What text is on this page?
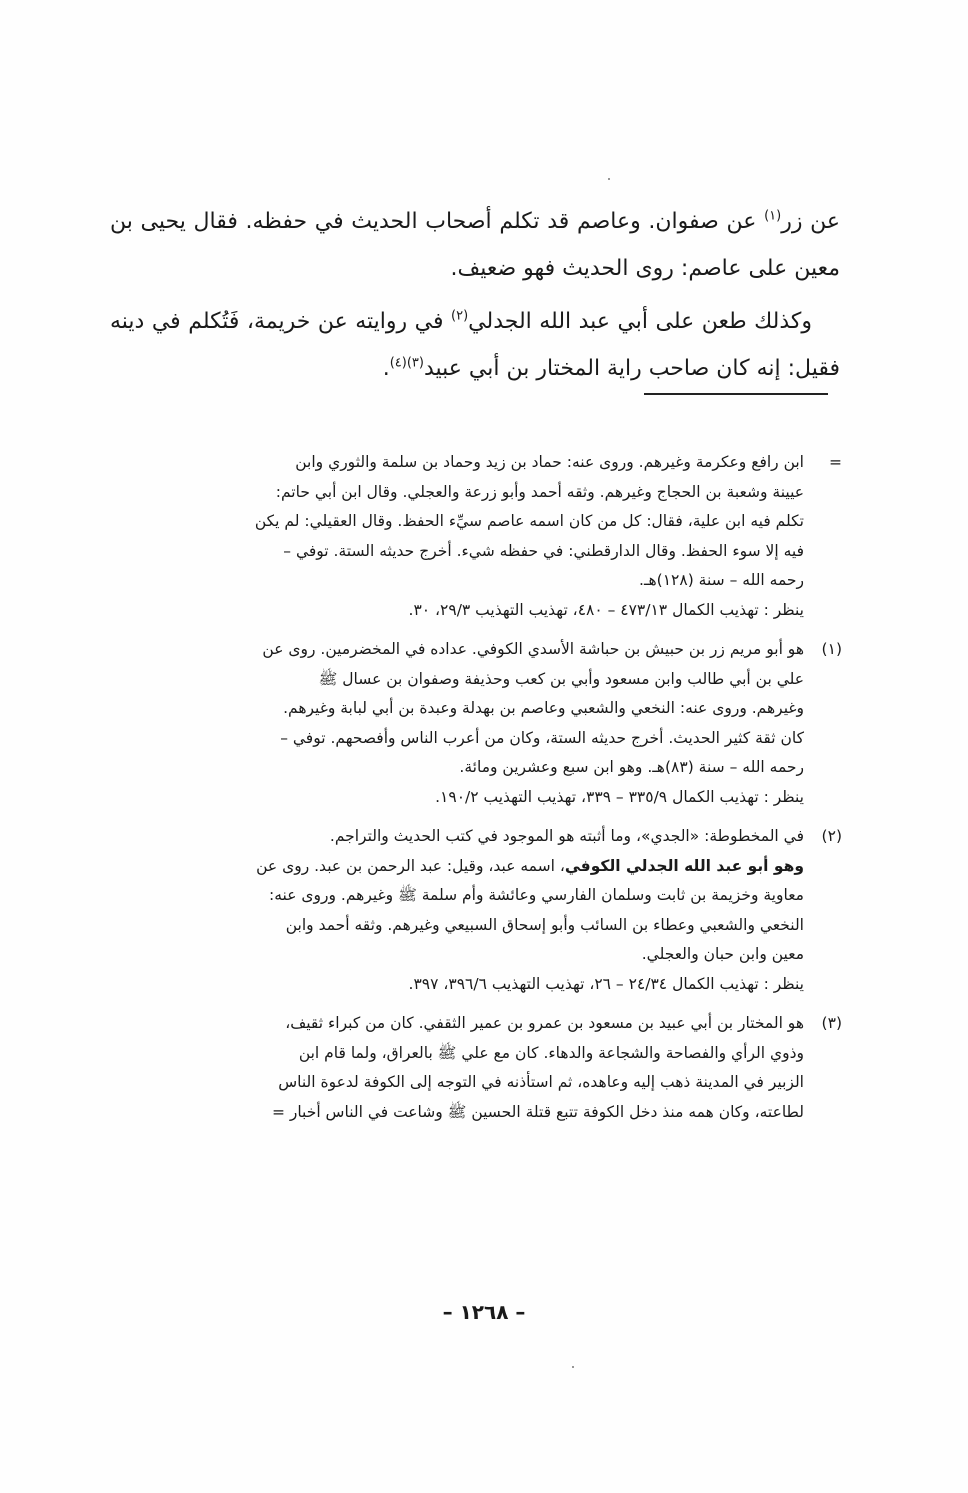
عن زر$^{(١)}$ عن صفوان. وعاصم قد تكلم أصحاب الحديث في حفظه. فقال يحيى بن معين على عاصم: روى الحديث فهو ضعيف.

وكذلك طعن على أبي عبد الله الجدلي$^{(٢)}$ في روايته عن خريمة، فَتُكلم في دينه فقيل: إنه كان صاحب راية المختار بن أبي عبيد$^{(٣)(٤)}$.

=
ابن رافع وعكرمة وغيرهم. وروى عنه: حماد بن زيد وحماد بن سلمة والثوري وابن
عيينة وشعبة بن الحجاج وغيرهم. وثقه أحمد وأبو زرعة والعجلي. وقال ابن أبي حاتم:
تكلم فيه ابن علية، فقال: كل من كان اسمه عاصم سيِّء الحفظ. وقال العقيلي: لم يكن
فيه إلا سوء الحفظ. وقال الدارقطني: في حفظه شيء. أخرج حديثه الستة. توفي –
رحمه الله – سنة (١٢٨)هـ.
ينظر : تهذيب الكمال ٤٧٣/١٣ – ٤٨٠، تهذيب التهذيب ٢٩/٣، ٣٠.
(١)
هو أبو مريم زر بن حبيش بن حباشة الأسدي الكوفي. عداده في المخضرمين. روى عن
علي بن أبي طالب وابن مسعود وأبي بن كعب وحذيفة وصفوان بن عسال ﷺ
وغيرهم. وروى عنه: النخعي والشعبي وعاصم بن بهدلة وعبدة بن أبي لبابة وغيرهم.
كان ثقة كثير الحديث. أخرج حديثه الستة، وكان من أعرب الناس وأفصحهم. توفي –
رحمه الله – سنة (٨٣)هـ. وهو ابن سبع وعشرين ومائة.
ينظر : تهذيب الكمال ٣٣٥/٩ – ٣٣٩، تهذيب التهذيب ١٩٠/٢.
(٢)
في المخطوطة: «الجدي»، وما أثبته هو الموجود في كتب الحديث والتراجم.
وهو أبو عبد الله الجدلي الكوفي، اسمه عبد، وقيل: عبد الرحمن بن عبد. روى عن
معاوية وخزيمة بن ثابت وسلمان الفارسي وعائشة وأم سلمة ﷺ وغيرهم. وروى عنه:
النخعي والشعبي وعطاء بن السائب وأبو إسحاق السبيعي وغيرهم. وثقه أحمد وابن
معين وابن حبان والعجلي.
ينظر : تهذيب الكمال ٢٤/٣٤ – ٢٦، تهذيب التهذيب ٣٩٦/٦، ٣٩٧.
(٣)
هو المختار بن أبي عبيد بن مسعود بن عمرو بن عمير الثقفي. كان من كبراء ثقيف،
وذوي الرأي والفصاحة والشجاعة والدهاء. كان مع علي ﷺ بالعراق، ولما قام ابن
الزبير في المدينة ذهب إليه وعاهده، ثم استأذنه في التوجه إلى الكوفة لدعوة الناس
لطاعته، وكان همه منذ دخل الكوفة تتبع قتلة الحسين ﷺ وشاعت في الناس أخبار =
– ١٢٦٨ –
